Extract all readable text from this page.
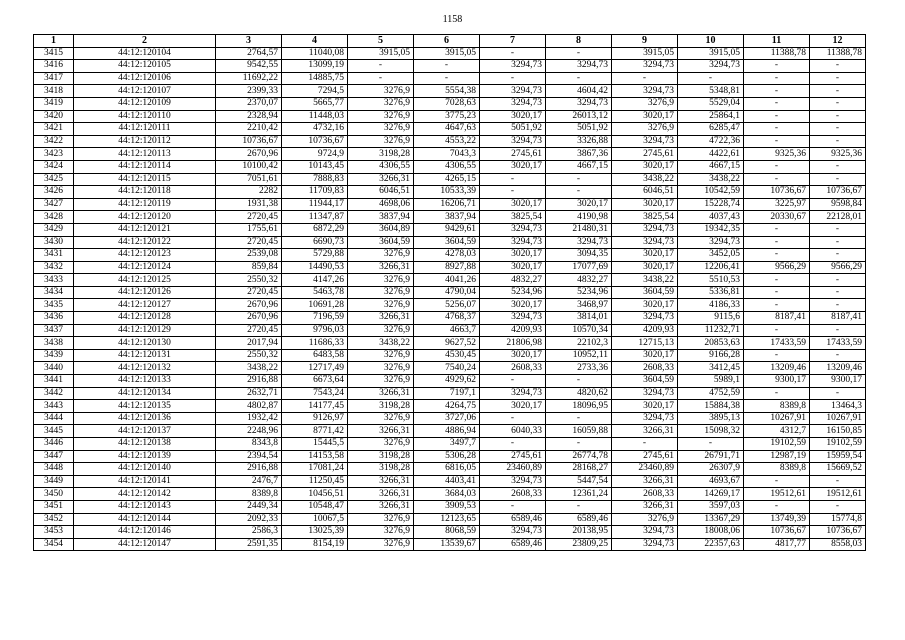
1158
1	2	3	4	5	6	7	8	9	10	11	12
3415	44:12:120104	2764,57	11040,08	3915,05	3915,05	-	-	3915,05	3915,05	11388,78	11388,78
3416	44:12:120105	9542,55	13099,19	-	-	3294,73	3294,73	3294,73	3294,73	-	-
3417	44:12:120106	11692,22	14885,75	-	-	-	-	-	-	-	-
3418	44:12:120107	2399,33	7294,5	3276,9	5554,38	3294,73	4604,42	3294,73	5348,81	-	-
3419	44:12:120109	2370,07	5665,77	3276,9	7028,63	3294,73	3294,73	3276,9	5529,04	-	-
3420	44:12:120110	2328,94	11448,03	3276,9	3775,23	3020,17	26013,12	3020,17	25864,1	-	-
3421	44:12:120111	2210,42	4732,16	3276,9	4647,63	5051,92	5051,92	3276,9	6285,47	-	-
3422	44:12:120112	10736,67	10736,67	3276,9	4553,22	3294,73	3326,88	3294,73	4722,36	-	-
3423	44:12:120113	2670,96	9724,9	3198,28	7043,3	2745,61	3867,36	2745,61	4422,61	9325,36	9325,36
3424	44:12:120114	10100,42	10143,45	4306,55	4306,55	3020,17	4667,15	3020,17	4667,15	-	-
3425	44:12:120115	7051,61	7888,83	3266,31	4265,15	-	-	3438,22	3438,22	-	-
3426	44:12:120118	2282	11709,83	6046,51	10533,39	-	-	6046,51	10542,59	10736,67	10736,67
3427	44:12:120119	1931,38	11944,17	4698,06	16206,71	3020,17	3020,17	3020,17	15228,74	3225,97	9598,84
3428	44:12:120120	2720,45	11347,87	3837,94	3837,94	3825,54	4190,98	3825,54	4037,43	20330,67	22128,01
3429	44:12:120121	1755,61	6872,29	3604,89	9429,61	3294,73	21480,31	3294,73	19342,35	-	-
3430	44:12:120122	2720,45	6690,73	3604,59	3604,59	3294,73	3294,73	3294,73	3294,73	-	-
3431	44:12:120123	2539,08	5729,88	3276,9	4278,03	3020,17	3094,35	3020,17	3452,05	-	-
3432	44:12:120124	859,84	14490,53	3266,31	8927,88	3020,17	17077,69	3020,17	12206,41	9566,29	9566,29
3433	44:12:120125	2550,32	4147,26	3276,9	4041,26	4832,27	4832,27	3438,22	5510,53	-	-
3434	44:12:120126	2720,45	5463,78	3276,9	4790,04	5234,96	5234,96	3604,59	5336,81	-	-
3435	44:12:120127	2670,96	10691,28	3276,9	5256,07	3020,17	3468,97	3020,17	4186,33	-	-
3436	44:12:120128	2670,96	7196,59	3266,31	4768,37	3294,73	3814,01	3294,73	9115,6	8187,41	8187,41
3437	44:12:120129	2720,45	9796,03	3276,9	4663,7	4209,93	10570,34	4209,93	11232,71	-	-
3438	44:12:120130	2017,94	11686,33	3438,22	9627,52	21806,98	22102,3	12715,13	20853,63	17433,59	17433,59
3439	44:12:120131	2550,32	6483,58	3276,9	4530,45	3020,17	10952,11	3020,17	9166,28	-	-
3440	44:12:120132	3438,22	12717,49	3276,9	7540,24	2608,33	2733,36	2608,33	3412,45	13209,46	13209,46
3441	44:12:120133	2916,88	6673,64	3276,9	4929,62	-	-	3604,59	5989,1	9300,17	9300,17
3442	44:12:120134	2632,71	7543,24	3266,31	7197,1	3294,73	4820,62	3294,73	4752,59	-	-
3443	44:12:120135	4802,87	14177,45	3198,28	4264,75	3020,17	18096,95	3020,17	15884,38	8389,8	13464,3
3444	44:12:120136	1932,42	9126,97	3276,9	3727,06	-	-	3294,73	3895,13	10267,91	10267,91
3445	44:12:120137	2248,96	8771,42	3266,31	4886,94	6040,33	16059,88	3266,31	15098,32	4312,7	16150,85
3446	44:12:120138	8343,8	15445,5	3276,9	3497,7	-	-	-	-	19102,59	19102,59
3447	44:12:120139	2394,54	14153,58	3198,28	5306,28	2745,61	26774,78	2745,61	26791,71	12987,19	15959,54
3448	44:12:120140	2916,88	17081,24	3198,28	6816,05	23460,89	28168,27	23460,89	26307,9	8389,8	15669,52
3449	44:12:120141	2476,7	11250,45	3266,31	4403,41	3294,73	5447,54	3266,31	4693,67	-	-
3450	44:12:120142	8389,8	10456,51	3266,31	3684,03	2608,33	12361,24	2608,33	14269,17	19512,61	19512,61
3451	44:12:120143	2449,34	10548,47	3266,31	3909,53	-	-	3266,31	3597,03	-	-
3452	44:12:120144	2092,33	10067,5	3276,9	12123,65	6589,46	6589,46	3276,9	13367,29	13749,39	15774,8
3453	44:12:120146	2586,3	13025,39	3276,9	8068,59	3294,73	20138,95	3294,73	18008,06	10736,67	10736,67
3454	44:12:120147	2591,35	8154,19	3276,9	13539,67	6589,46	23809,25	3294,73	22357,63	4817,77	8558,03
